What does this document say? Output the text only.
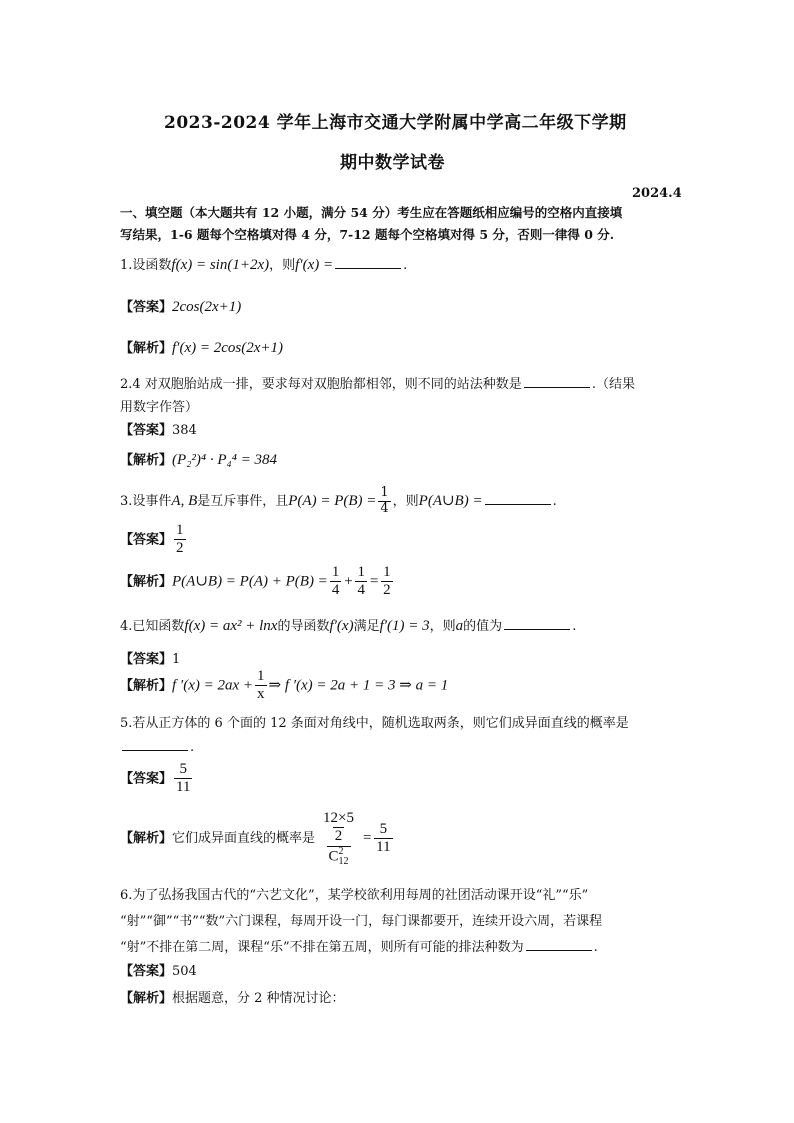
2023-2024 学年上海市交通大学附属中学高二年级下学期
期中数学试卷
2024.4
一、填空题（本大题共有 12 小题，满分 54 分）考生应在答题纸相应编号的空格内直接填
写结果，1-6 题每个空格填对得 4 分，7-12 题每个空格填对得 5 分，否则一律得 0 分.
1.设函数f(x) = sin(1+2x)，则f′(x) =	.
【答案】2cos(2x+1)
【解析】f′(x) = 2cos(2x+1)
2.4 对双胞胎站成一排，要求每对双胞胎都相邻，则不同的站法种数是	.（结果
用数字作答）
【答案】384
【解析】(P₂²)⁴ · P₄⁴ = 384
3.设事件A, B是互斥事件，且$P(A) = P(B) = \frac{1}{4}$ ，则P(A∪B) =	.
【答案】 $\frac{1}{2}$
【解析】P(A∪B) = $P(A) + P(B) = \frac{1}{4} + \frac{1}{4} = \frac{1}{2}$
4.已知函数f(x) = ax² + lnx的导函数f′(x)满足f′(1) = 3，则a的值为	.
【答案】1
【解析】f $'(x) = 2ax + \frac{1}{x}$ ⇒ f ′(x) = 2a + 1 = 3 ⇒ a = 1
5.若从正方体的 6 个面的 12 条面对角线中，随机选取两条，则它们成异面直线的概率是
.
【答案】 $\frac{5}{11}$
【解析】它们成异面直线的概率是 $\frac{12\times 5}{2}$
C 2
$12 = \frac{5}{11}$
6.为了弘扬我国古代的“六艺文化”，某学校欲利用每周的社团活动课开设“礼”“乐”
“射”“御”“书”“数”六门课程，每周开设一门，每门课都要开，连续开设六周，若课程
“射”不排在第二周，课程“乐”不排在第五周，则所有可能的排法种数为	.
【答案】504
【解析】根据题意，分 2 种情况讨论：
